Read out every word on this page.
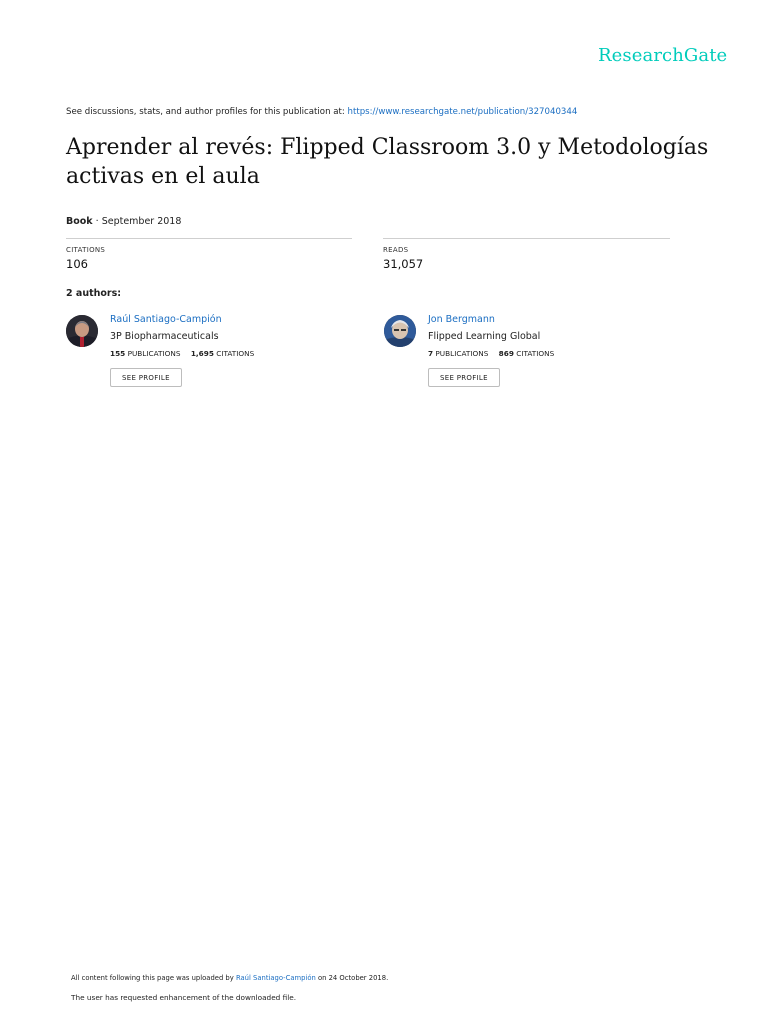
ResearchGate
See discussions, stats, and author profiles for this publication at: https://www.researchgate.net/publication/327040344
Aprender al revés: Flipped Classroom 3.0 y Metodologías activas en el aula
Book · September 2018
CITATIONS
106
READS
31,057
2 authors:
Raúl Santiago-Campión
3P Biopharmaceuticals
155 PUBLICATIONS 1,695 CITATIONS
SEE PROFILE
Jon Bergmann
Flipped Learning Global
7 PUBLICATIONS 869 CITATIONS
SEE PROFILE
All content following this page was uploaded by Raúl Santiago-Campión on 24 October 2018.
The user has requested enhancement of the downloaded file.
